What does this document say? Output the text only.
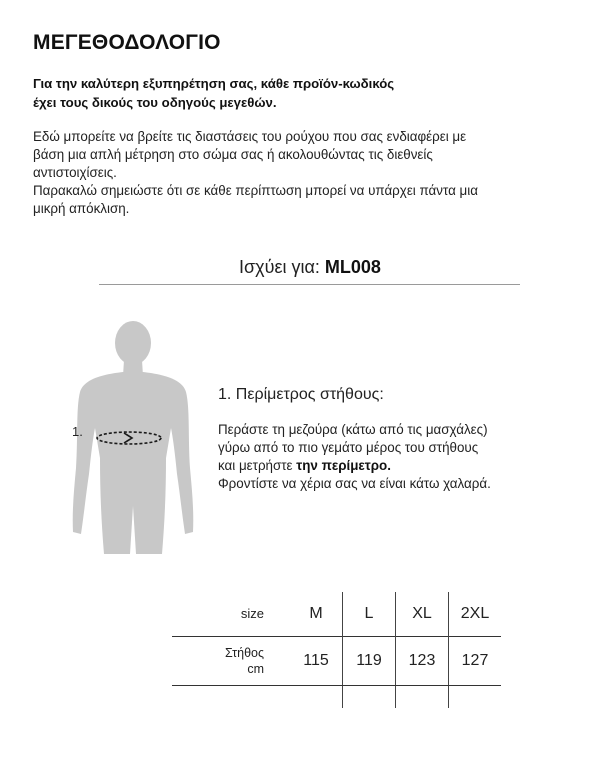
ΜΕΓΕΘΟΔΟΛΟΓΙΟ
Για την καλύτερη εξυπηρέτηση σας, κάθε προϊόν-κωδικός
έχει τους δικούς του οδηγούς μεγεθών.
Εδώ μπορείτε να βρείτε τις διαστάσεις του ρούχου που σας ενδιαφέρει με
βάση μια απλή μέτρηση στο σώμα σας ή ακολουθώντας τις διεθνείς
αντιστοιχίσεις.
Παρακαλώ σημειώστε ότι σε κάθε περίπτωση μπορεί να υπάρχει πάντα μια
μικρή απόκλιση.
Ισχύει για: ML008
1.
1. Περίμετρος στήθους:
Περάστε τη μεζούρα (κάτω από τις μασχάλες)
γύρω από το πιο γεμάτο μέρος του στήθους
και μετρήστε την περίμετρο.
Φροντίστε να χέρια σας να είναι κάτω χαλαρά.
size	M	L	XL	2XL

Στήθος
cm	115	119	123	127
